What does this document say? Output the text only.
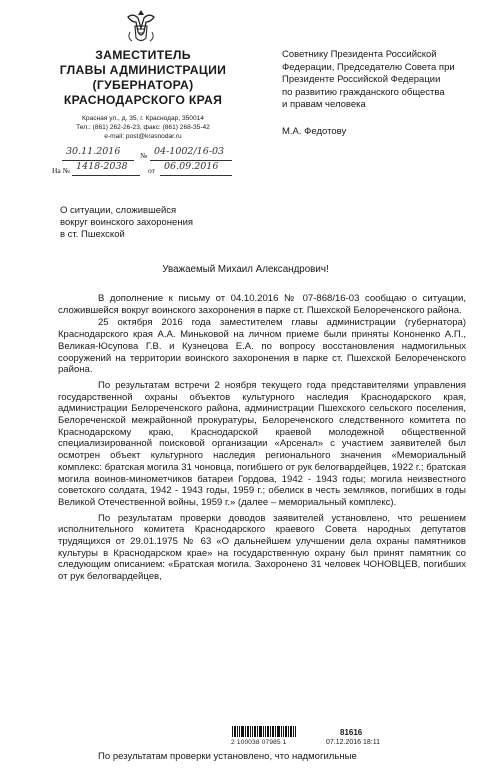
ЗАМЕСТИТЕЛЬ
ГЛАВЫ АДМИНИСТРАЦИИ
(ГУБЕРНАТОРА)
КРАСНОДАРСКОГО КРАЯ
Красная ул., д. 35, г. Краснодар, 350014
Тел.: (861) 262-26-23, факс: (861) 268-35-42
e-mail: post@krasnodar.ru
30.11.2016	№ 04-1002/16-03
На № 1418-2038	от 06.09.2016
Советнику Президента Российской
Федерации, Председателю Совета при
Президенте Российской Федерации
по развитию гражданского общества
и правам человека
М.А. Федотову
О ситуации, сложившейся
вокруг воинского захоронения
в ст. Пшехской
Уважаемый Михаил Александрович!

В дополнение к письму от 04.10.2016 № 07-868/16-03 сообщаю о ситуации, сложившейся вокруг воинского захоронения в парке ст. Пшехской Белореченского района.

25 октября 2016 года заместителем главы администрации (губернатора) Краснодарского края А.А. Миньковой на личном приеме были приняты Кононенко А.П., Великая-Юсупова Г.В. и Кузнецова Е.А. по вопросу восстановления надмогильных сооружений на территории воинского захоронения в парке ст. Пшехской Белореченского района.

По результатам встречи 2 ноября текущего года представителями управления государственной охраны объектов культурного наследия Краснодарского края, администрации Белореченского района, администрации Пшехского сельского поселения, Белореченской межрайонной прокуратуры, Белореченского следственного комитета по Краснодарскому краю, Краснодарской краевой молодежной общественной специализированной поисковой организации «Арсенал» с участием заявителей был осмотрен объект культурного наследия регионального значения «Мемориальный комплекс: братская могила 31 чоновца, погибшего от рук белогвардейцев, 1922 г.; братская могила воинов-минометчиков батареи Гордова, 1942 - 1943 годы; могила неизвестного советского солдата, 1942 - 1943 годы, 1959 г.; обелиск в честь земляков, погибших в годы Великой Отечественной войны, 1959 г.» (далее – мемориальный комплекс).

По результатам проверки доводов заявителей установлено, что решением исполнительного комитета Краснодарского краевого Совета народных депутатов трудящихся от 29.01.1975 № 63 «О дальнейшем улучшении дела охраны памятников культуры в Краснодарском крае» на государственную охрану был принят памятник со следующим описанием: «Братская могила. Захоронено 31 человек ЧОНОВЦЕВ, погибших от рук белогвардейцев,

2 100038 07985 1
81616
07.12.2016 18:11
По результатам проверки установлено, что надмогильные
